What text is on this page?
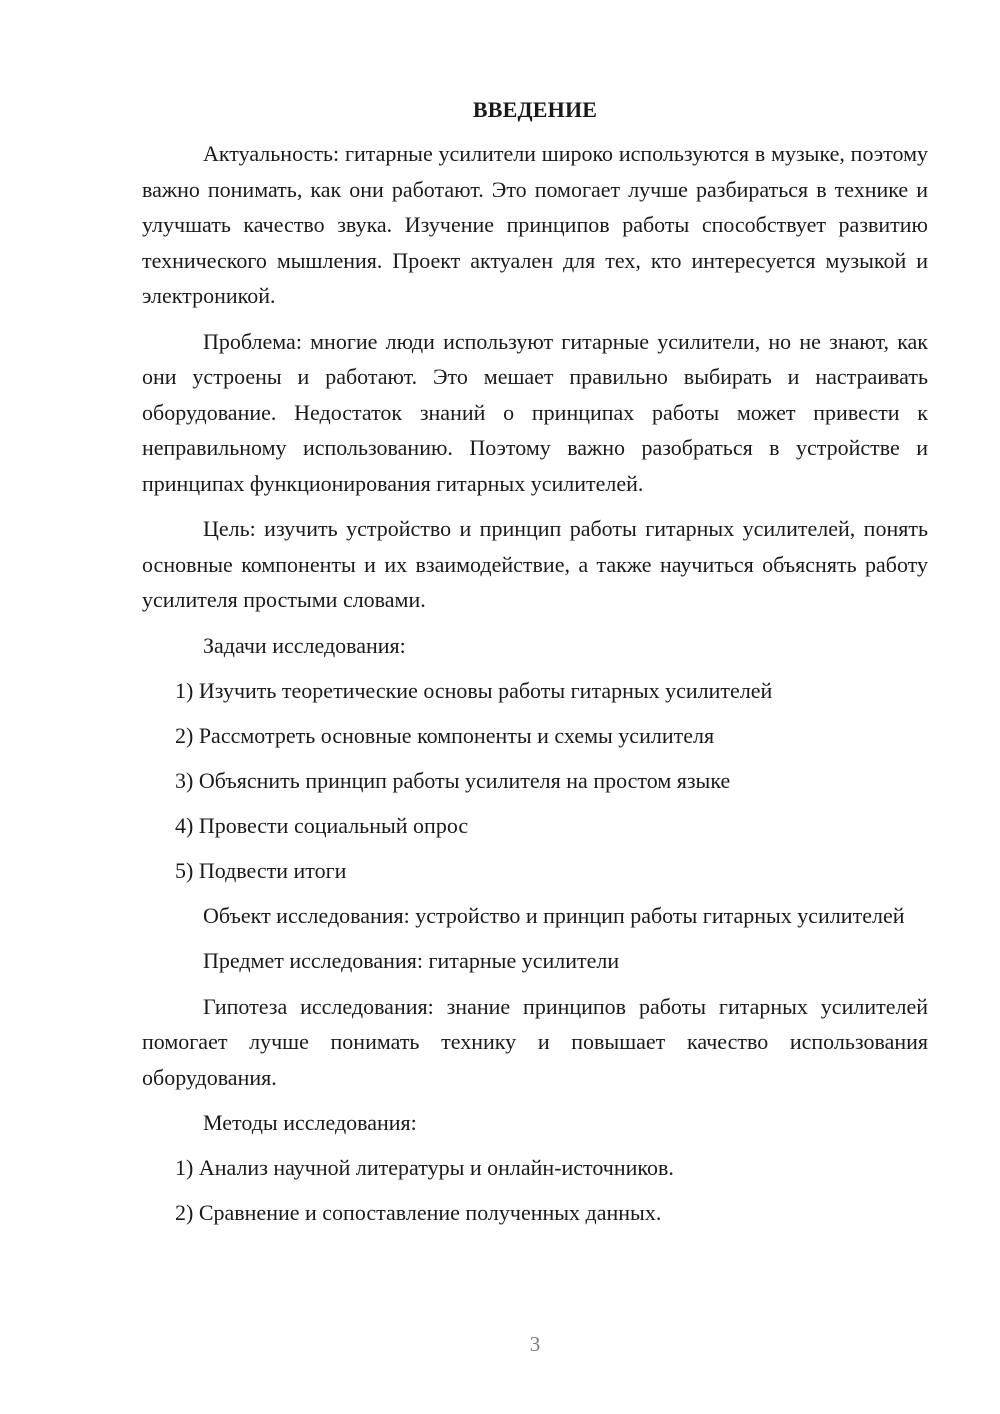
ВВЕДЕНИЕ

Актуальность: гитарные усилители широко используются в музыке, поэтому важно понимать, как они работают. Это помогает лучше разбираться в технике и улучшать качество звука. Изучение принципов работы способствует развитию технического мышления. Проект актуален для тех, кто интересуется музыкой и электроникой.

Проблема: многие люди используют гитарные усилители, но не знают, как они устроены и работают. Это мешает правильно выбирать и настраивать оборудование. Недостаток знаний о принципах работы может привести к неправильному использованию. Поэтому важно разобраться в устройстве и принципах функционирования гитарных усилителей.

Цель: изучить устройство и принцип работы гитарных усилителей, понять основные компоненты и их взаимодействие, а также научиться объяснять работу усилителя простыми словами.

Задачи исследования:

1) Изучить теоретические основы работы гитарных усилителей

2) Рассмотреть основные компоненты и схемы усилителя

3) Объяснить принцип работы усилителя на простом языке

4) Провести социальный опрос

5) Подвести итоги

Объект исследования: устройство и принцип работы гитарных усилителей

Предмет исследования: гитарные усилители

Гипотеза исследования: знание принципов работы гитарных усилителей помогает лучше понимать технику и повышает качество использования оборудования.

Методы исследования:

1) Анализ научной литературы и онлайн-источников.

2) Сравнение и сопоставление полученных данных.

3
